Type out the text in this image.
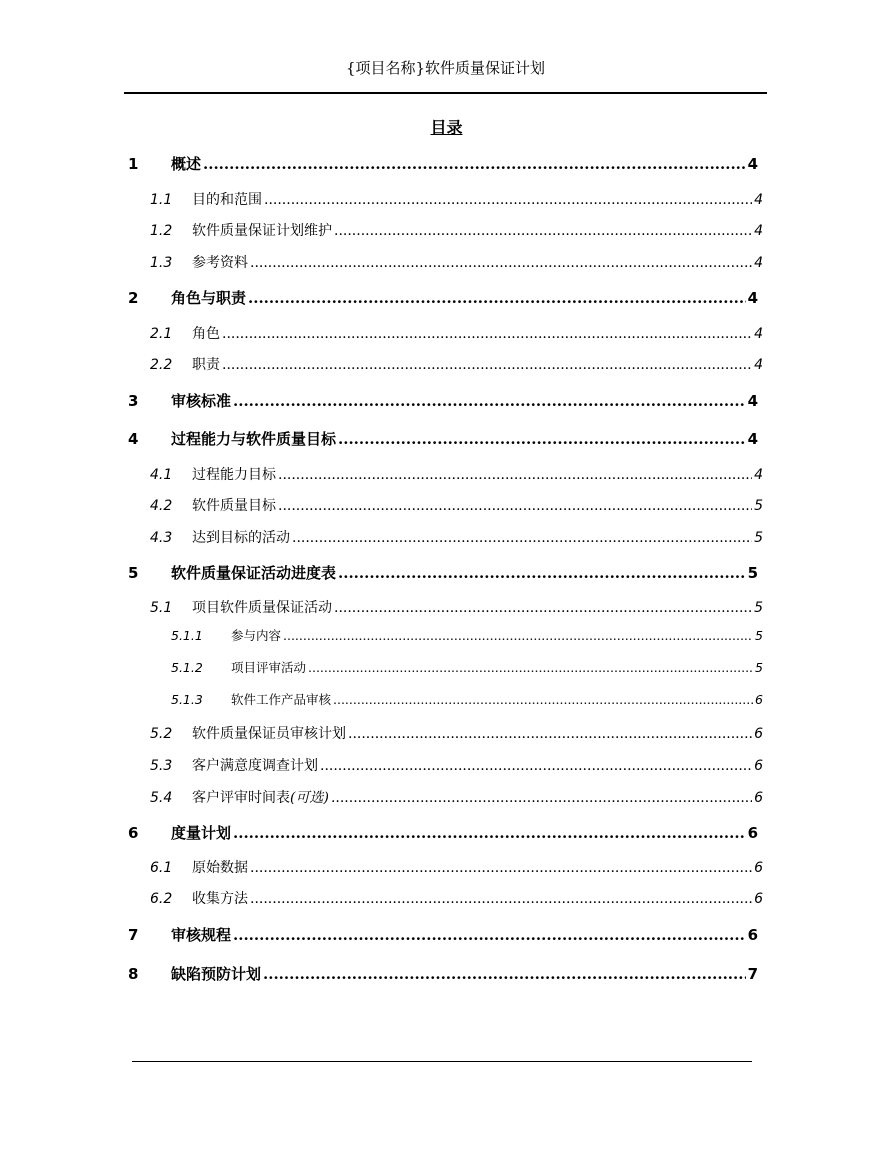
{项目名称}软件质量保证计划
目录
1	概述 .....	4
1.1	目的和范围 .....	4
1.2	软件质量保证计划维护 .....	4
1.3	参考资料 .....	4
2	角色与职责 .....	4
2.1	角色 .....	4
2.2	职责 .....	4
3	审核标准 .....	4
4	过程能力与软件质量目标 .....	4
4.1	过程能力目标 .....	4
4.2	软件质量目标 .....	5
4.3	达到目标的活动 .....	5
5	软件质量保证活动进度表 .....	5
5.1	项目软件质量保证活动 .....	5
5.1.1	参与内容 .....	5
5.1.2	项目评审活动 .....	5
5.1.3	软件工作产品审核 .....	6
5.2	软件质量保证员审核计划 .....	6
5.3	客户满意度调查计划 .....	6
5.4	客户评审时间表 (可选) .....	6
6	度量计划 .....	6
6.1	原始数据 .....	6
6.2	收集方法 .....	6
7	审核规程 .....	6
8	缺陷预防计划 .....	7
